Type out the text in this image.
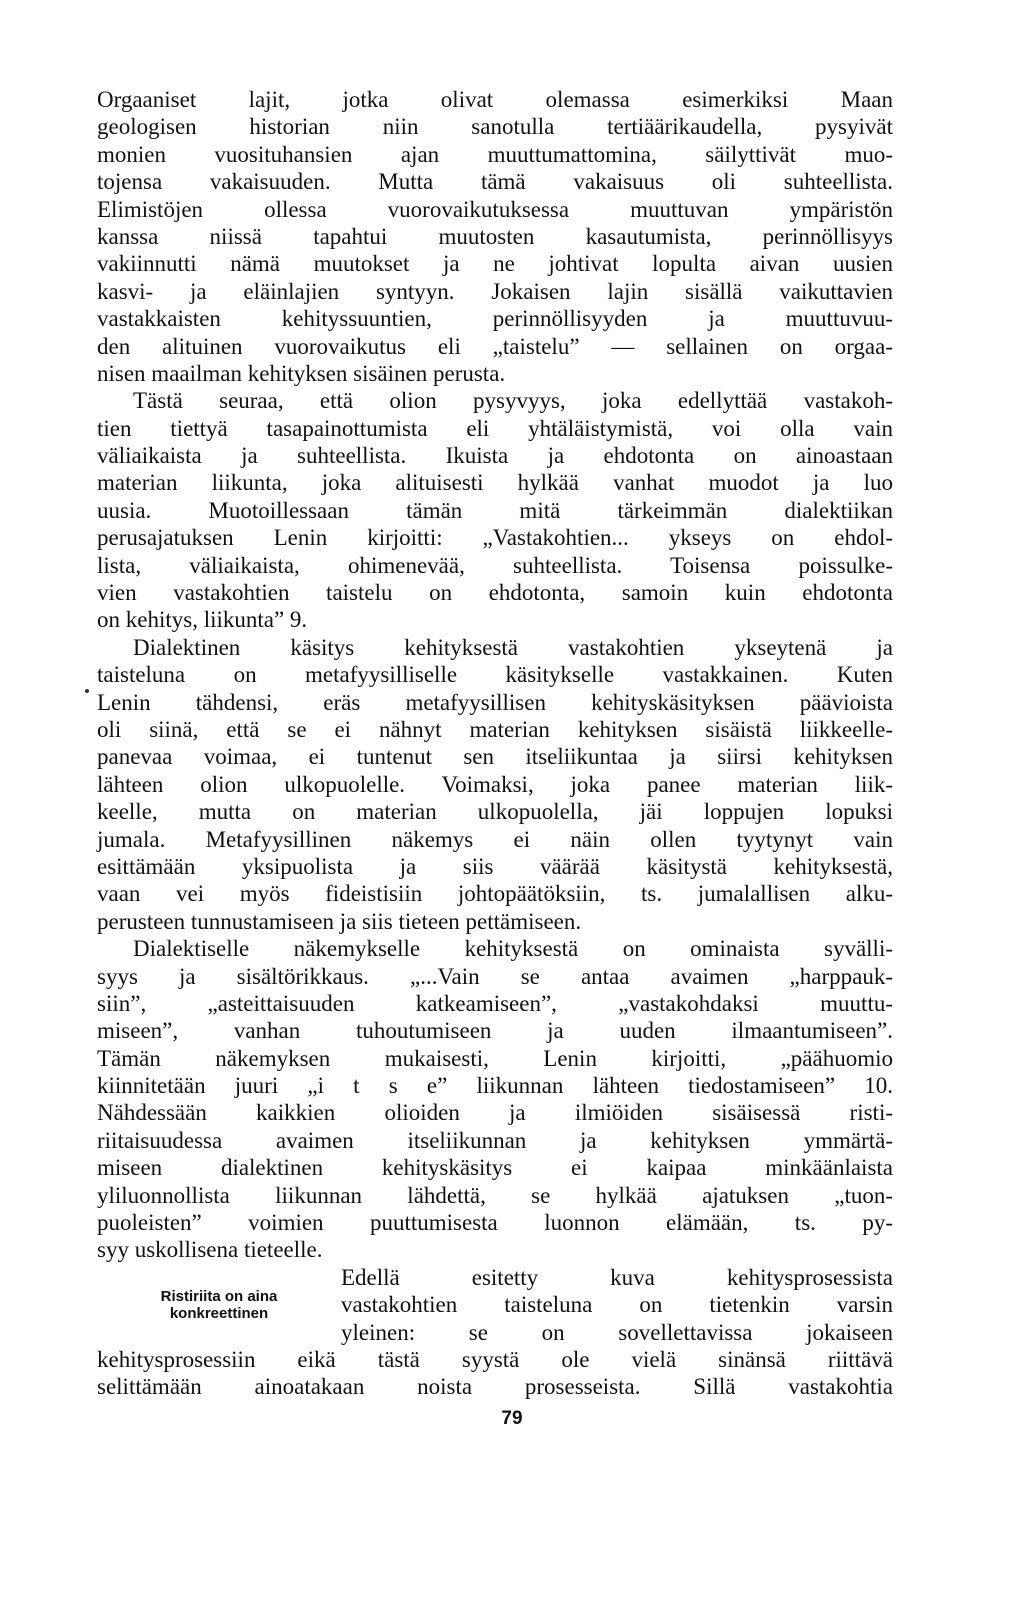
Orgaaniset lajit, jotka olivat olemassa esimerkiksi Maan
geologisen historian niin sanotulla tertiäärikaudella, pysyivät
monien vuosituhansien ajan muuttumattomina, säilyttivät muo-
tojensa vakaisuuden. Mutta tämä vakaisuus oli suhteellista.
Elimistöjen ollessa vuorovaikutuksessa muuttuvan ympäristön
kanssa niissä tapahtui muutosten kasautumista, perinnöllisyys
vakiinnutti nämä muutokset ja ne johtivat lopulta aivan uusien
kasvi- ja eläinlajien syntyyn. Jokaisen lajin sisällä vaikuttavien
vastakkaisten kehityssuuntien, perinnöllisyyden ja muuttuvuu-
den alituinen vuorovaikutus eli „taistelu” — sellainen on orgaa-
nisen maailman kehityksen sisäinen perusta.
Tästä seuraa, että olion pysyvyys, joka edellyttää vastakoh-
tien tiettyä tasapainottumista eli yhtäläistymistä, voi olla vain
väliaikaista ja suhteellista. Ikuista ja ehdotonta on ainoastaan
materian liikunta, joka alituisesti hylkää vanhat muodot ja luo
uusia. Muotoillessaan tämän mitä tärkeimmän dialektiikan
perusajatuksen Lenin kirjoitti: „Vastakohtien... ykseys on ehdol-
lista, väliaikaista, ohimenevää, suhteellista. Toisensa poissulke-
vien vastakohtien taistelu on ehdotonta, samoin kuin ehdotonta
on kehitys, liikunta” 9.
Dialektinen käsitys kehityksestä vastakohtien ykseytenä ja
taisteluna on metafyysilliselle käsitykselle vastakkainen. Kuten
Lenin tähdensi, eräs metafyysillisen kehityskäsityksen päävioista
oli siinä, että se ei nähnyt materian kehityksen sisäistä liikkeelle-
panevaa voimaa, ei tuntenut sen itseliikuntaa ja siirsi kehityksen
lähteen olion ulkopuolelle. Voimaksi, joka panee materian liik-
keelle, mutta on materian ulkopuolella, jäi loppujen lopuksi
jumala. Metafyysillinen näkemys ei näin ollen tyytynyt vain
esittämään yksipuolista ja siis väärää käsitystä kehityksestä,
vaan vei myös fideistisiin johtopäätöksiin, ts. jumalallisen alku-
perusteen tunnustamiseen ja siis tieteen pettämiseen.
Dialektiselle näkemykselle kehityksestä on ominaista syvälli-
syys ja sisältörikkaus. „...Vain se antaa avaimen „harppauk-
siin”, „asteittaisuuden katkeamiseen”, „vastakohdaksi muuttu-
miseen”, vanhan tuhoutumiseen ja uuden ilmaantumiseen”.
Tämän näkemyksen mukaisesti, Lenin kirjoitti, „päähuomio
kiinnitetään juuri „i t s e” liikunnan lähteen tiedostamiseen” 10.
Nähdessään kaikkien olioiden ja ilmiöiden sisäisessä risti-
riitaisuudessa avaimen itseliikunnan ja kehityksen ymmärtä-
miseen dialektinen kehityskäsitys ei kaipaa minkäänlaista
yliluonnollista liikunnan lähdettä, se hylkää ajatuksen „tuon-
puoleisten” voimien puuttumisesta luonnon elämään, ts. py-
syy uskollisena tieteelle.
Ristiriita on aina
konkreettinen
Edellä esitetty kuva kehitysprosessista
vastakohtien taisteluna on tietenkin varsin
yleinen: se on sovellettavissa jokaiseen
kehitysprosessiin eikä tästä syystä ole vielä sinänsä riittävä
selittämään ainoatakaan noista prosesseista. Sillä vastakohtia
79
